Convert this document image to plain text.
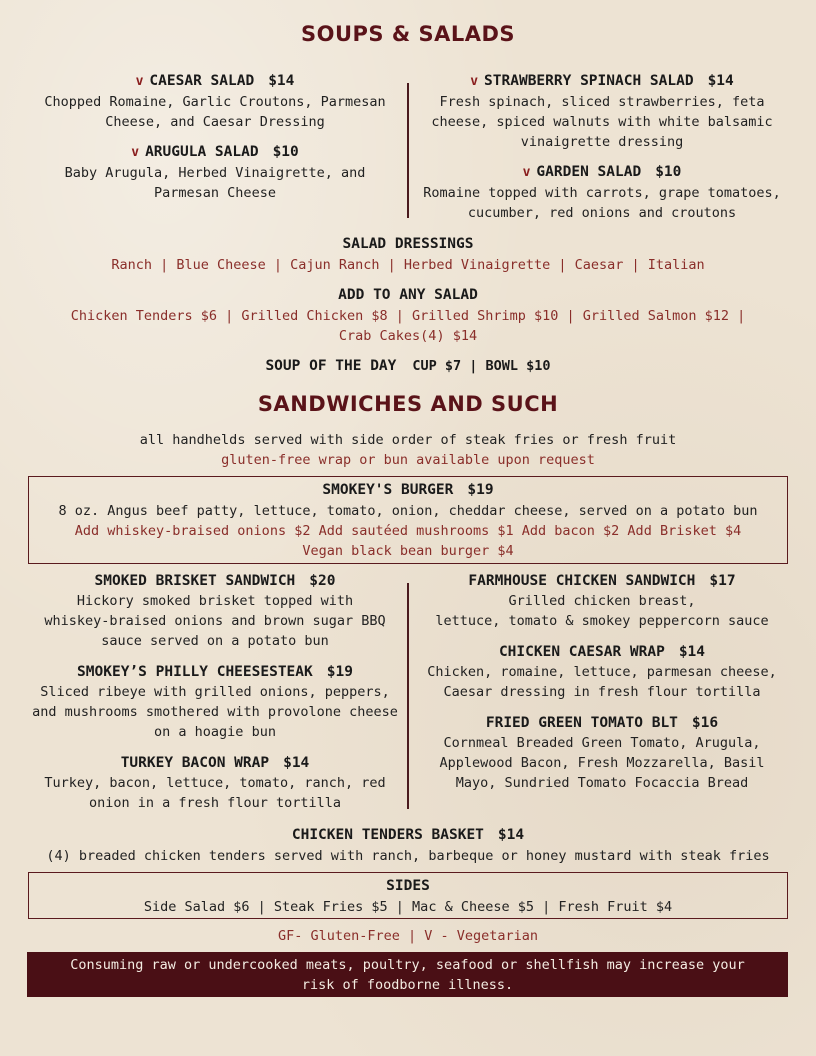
SOUPS & SALADS
v CAESAR SALAD $14
Chopped Romaine, Garlic Croutons, Parmesan
Cheese, and Caesar Dressing
v ARUGULA SALAD $10
Baby Arugula, Herbed Vinaigrette, and
Parmesan Cheese
v STRAWBERRY SPINACH SALAD $14
Fresh spinach, sliced strawberries, feta
cheese, spiced walnuts with white balsamic
vinaigrette dressing
v GARDEN SALAD $10
Romaine topped with carrots, grape tomatoes,
cucumber, red onions and croutons
SALAD DRESSINGS
Ranch | Blue Cheese | Cajun Ranch | Herbed Vinaigrette | Caesar | Italian
ADD TO ANY SALAD
Chicken Tenders $6 | Grilled Chicken $8 | Grilled Shrimp $10 | Grilled Salmon $12 |
Crab Cakes(4) $14
SOUP OF THE DAY CUP $7 | BOWL $10
SANDWICHES AND SUCH
all handhelds served with side order of steak fries or fresh fruit
gluten-free wrap or bun available upon request
SMOKEY'S BURGER $19
8 oz. Angus beef patty, lettuce, tomato, onion, cheddar cheese, served on a potato bun
Add whiskey-braised onions $2 Add sautéed mushrooms $1 Add bacon $2 Add Brisket $4
Vegan black bean burger $4
SMOKED BRISKET SANDWICH $20
Hickory smoked brisket topped with
whiskey-braised onions and brown sugar BBQ
sauce served on a potato bun
SMOKEY’S PHILLY CHEESESTEAK $19
Sliced ribeye with grilled onions, peppers,
and mushrooms smothered with provolone cheese
on a hoagie bun
TURKEY BACON WRAP $14
Turkey, bacon, lettuce, tomato, ranch, red
onion in a fresh flour tortilla
FARMHOUSE CHICKEN SANDWICH $17
Grilled chicken breast,
lettuce, tomato & smokey peppercorn sauce
CHICKEN CAESAR WRAP $14
Chicken, romaine, lettuce, parmesan cheese,
Caesar dressing in fresh flour tortilla
FRIED GREEN TOMATO BLT $16
Cornmeal Breaded Green Tomato, Arugula,
Applewood Bacon, Fresh Mozzarella, Basil
Mayo, Sundried Tomato Focaccia Bread
CHICKEN TENDERS BASKET $14
(4) breaded chicken tenders served with ranch, barbeque or honey mustard with steak fries
SIDES
Side Salad $6 | Steak Fries $5 | Mac & Cheese $5 | Fresh Fruit $4
GF- Gluten-Free | V - Vegetarian
Consuming raw or undercooked meats, poultry, seafood or shellfish may increase your
risk of foodborne illness.
